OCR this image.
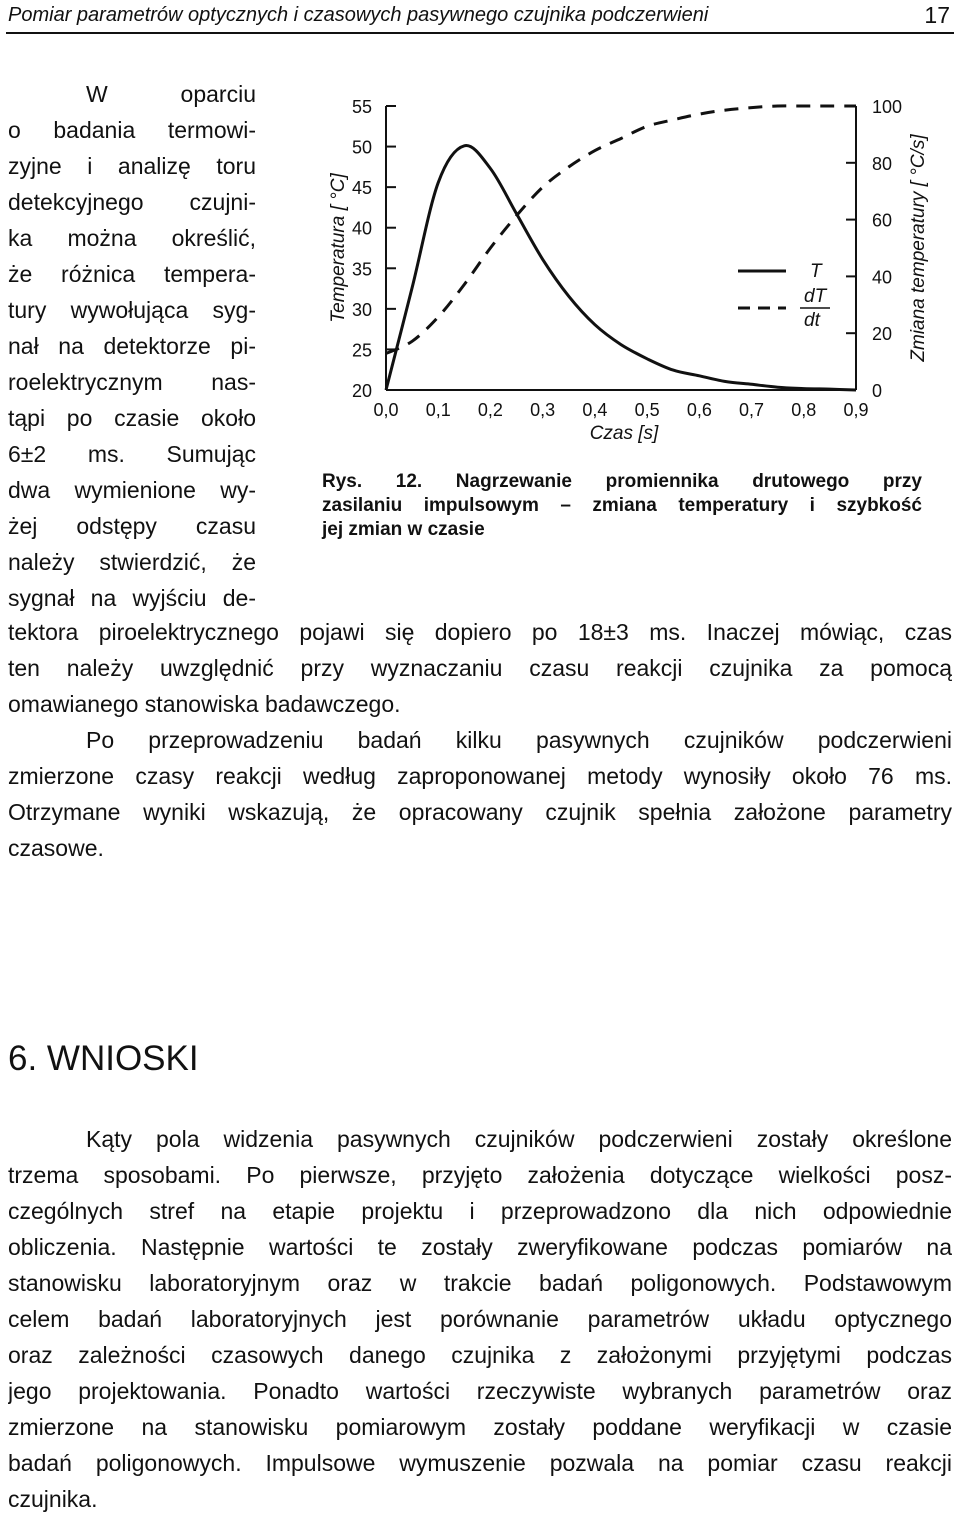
Pomiar parametrów optycznych i czasowych pasywnego czujnika podczerwieni	17
W oparciu
o badania termowi-
zyjne i analizę toru
detekcyjnego czujni-
ka można określić,
że różnica tempera-
tury wywołująca syg-
nał na detektorze pi-
roelektrycznym nas-
tąpi po czasie około
6±2 ms. Sumując
dwa wymienione wy-
żej odstępy czasu
należy stwierdzić, że
sygnał na wyjściu de-
20
25
30
35
40
45
50
55
0
20
40
60
80
100
0,0 0,1 0,2 0,3 0,4 0,5 0,6 0,7 0,8 0,9
Czas [s]
Temperatura [ °C]	Zmiana temperatury [ °C/s]
T
dT
dt
Rys. 12. Nagrzewanie promiennika drutowego przy
zasilaniu impulsowym – zmiana temperatury i szybkość
jej zmian w czasie
tektora piroelektrycznego pojawi się dopiero po 18±3 ms. Inaczej mówiąc, czas
ten należy uwzględnić przy wyznaczaniu czasu reakcji czujnika za pomocą
omawianego stanowiska badawczego.
Po przeprowadzeniu badań kilku pasywnych czujników podczerwieni
zmierzone czasy reakcji według zaproponowanej metody wynosiły około 76 ms.
Otrzymane wyniki wskazują, że opracowany czujnik spełnia założone parametry
czasowe.
6. WNIOSKI
Kąty pola widzenia pasywnych czujników podczerwieni zostały określone
trzema sposobami. Po pierwsze, przyjęto założenia dotyczące wielkości posz-
czególnych stref na etapie projektu i przeprowadzono dla nich odpowiednie
obliczenia. Następnie wartości te zostały zweryfikowane podczas pomiarów na
stanowisku laboratoryjnym oraz w trakcie badań poligonowych. Podstawowym
celem badań laboratoryjnych jest porównanie parametrów układu optycznego
oraz zależności czasowych danego czujnika z założonymi przyjętymi podczas
jego projektowania. Ponadto wartości rzeczywiste wybranych parametrów oraz
zmierzone na stanowisku pomiarowym zostały poddane weryfikacji w czasie
badań poligonowych. Impulsowe wymuszenie pozwala na pomiar czasu reakcji
czujnika.
